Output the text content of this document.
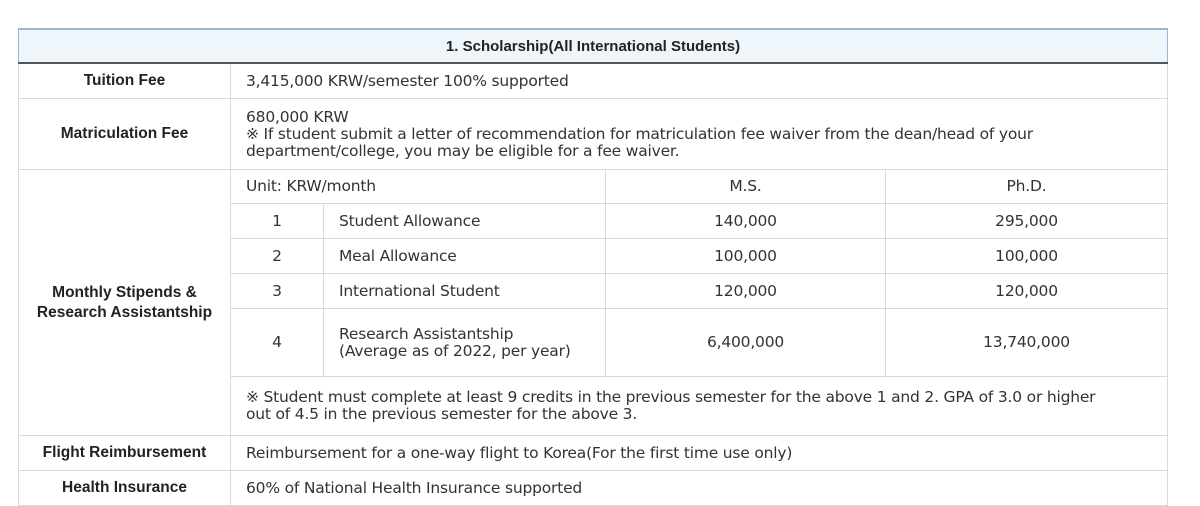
1. Scholarship(All International Students)				
Tuition Fee	3,415,000 KRW/semester 100% supported			
Matriculation Fee	680,000 KRW
※ If student submit a letter of recommendation for matriculation fee waiver from the dean/head of your
department/college, you may be eligible for a fee waiver.			

Monthly Stipends &
Research Assistantship	Unit: KRW/month		M.S.	Ph.D.
	1	Student Allowance	140,000	295,000
	2	Meal Allowance	100,000	100,000
	3	International Student	120,000	120,000
	4	Research Assistantship
(Average as of 2022, per year)	6,400,000	13,740,000

	※ Student must complete at least 9 credits in the previous semester for the above 1 and 2. GPA of 3.0 or higher
out of 4.5 in the previous semester for the above 3.			

Flight Reimbursement	Reimbursement for a one-way flight to Korea(For the first time use only)			
Health Insurance	60% of National Health Insurance supported			
